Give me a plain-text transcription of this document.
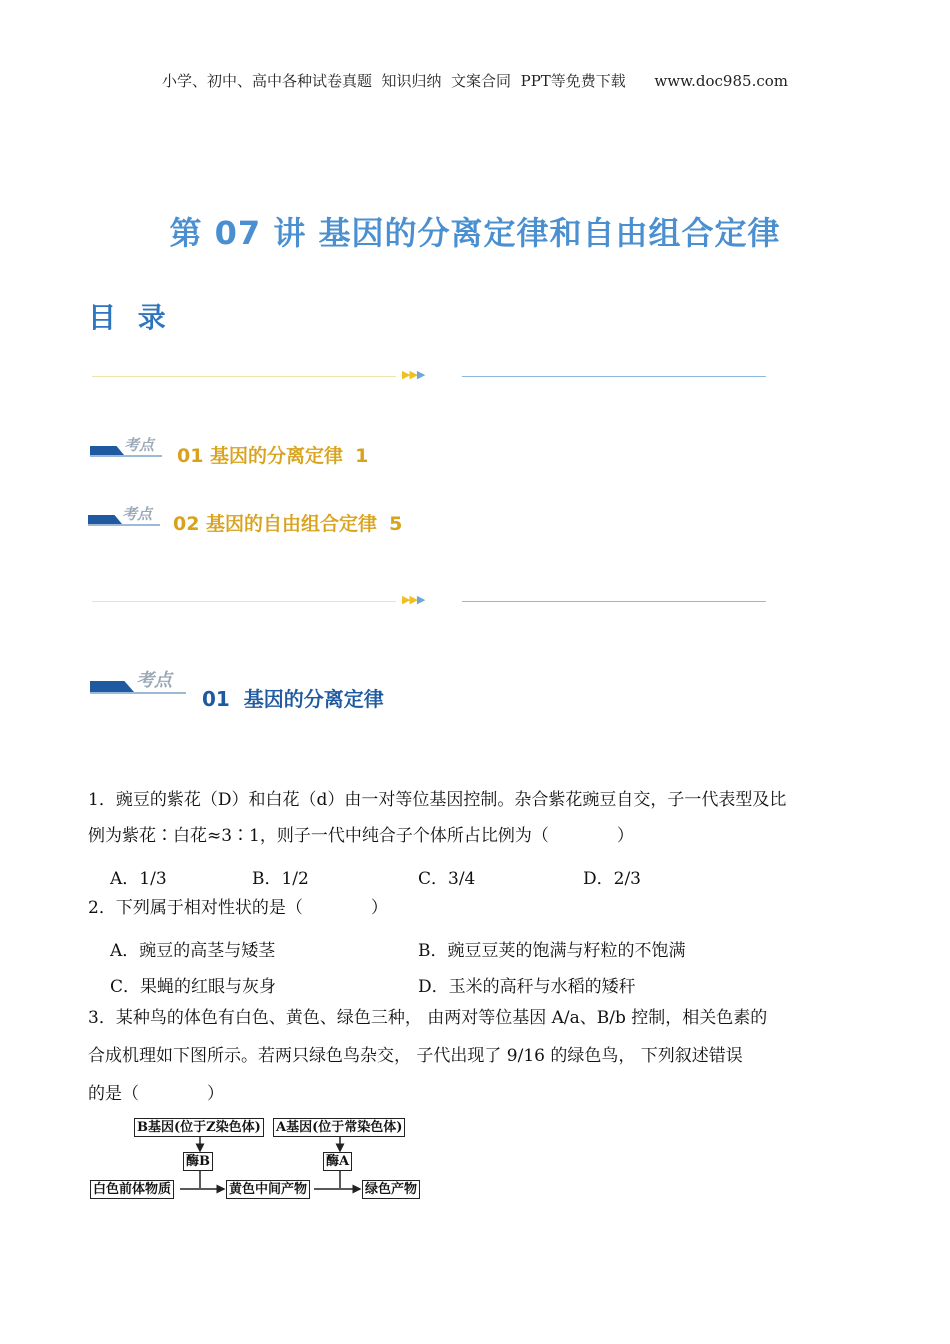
小学、初中、高中各种试卷真题  知识归纳  文案合同  PPT等免费下载      www.doc985.com
第 07 讲 基因的分离定律和自由组合定律
目 录
▶▶▶
考点 01 基因的分离定律 1
考点 02 基因的自由组合定律 5
▶▶▶
考点
01  基因的分离定律
1．豌豆的紫花（D）和白花（d）由一对等位基因控制。杂合紫花豌豆自交，子一代表型及比
例为紫花∶白花≈3∶1，则子一代中纯合子个体所占比例为（　　　　）
A．1/3	B．1/2	C．3/4	D．2/3
2．下列属于相对性状的是（　　　　）
A．豌豆的高茎与矮茎	B．豌豆豆荚的饱满与籽粒的不饱满
C．果蝇的红眼与灰身	D．玉米的高秆与水稻的矮秆
3．某种鸟的体色有白色、黄色、绿色三种， 由两对等位基因 A/a、B/b 控制，相关色素的
合成机理如下图所示。若两只绿色鸟杂交， 子代出现了 9/16 的绿色鸟， 下列叙述错误
的是（　　　　）
B基因(位于Z染色体) A基因(位于常染色体)
酶B	酶A
白色前体物质	黄色中间产物	绿色产物
